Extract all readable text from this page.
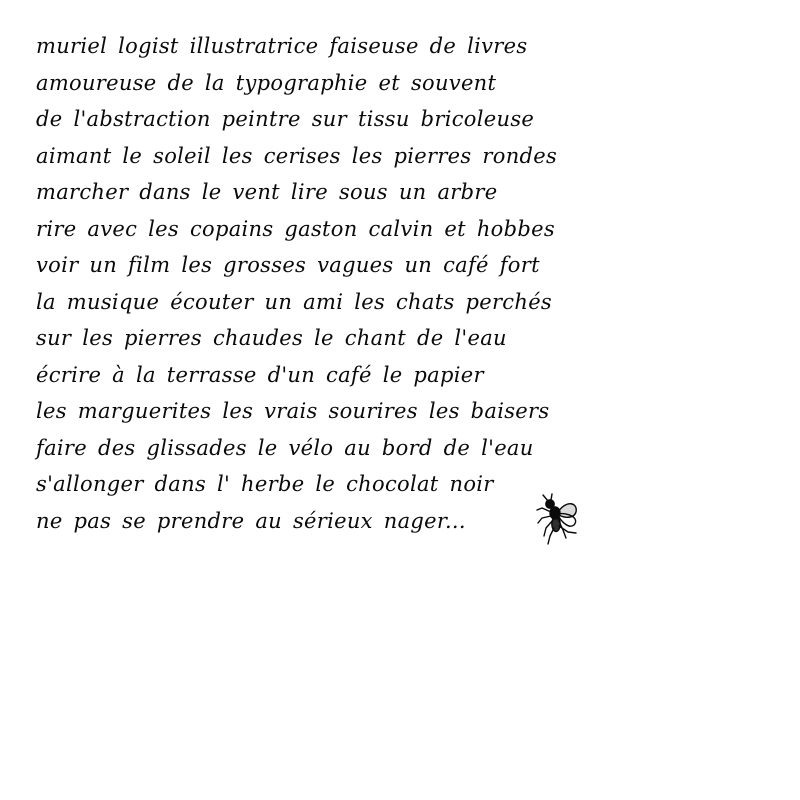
muriel logist illustratrice faiseuse de livres
amoureuse de la typographie et souvent
de l'abstraction peintre sur tissu bricoleuse
aimant le soleil les cerises les pierres rondes
marcher dans le vent lire sous un arbre
rire avec les copains gaston calvin et hobbes
voir un film les grosses vagues un café fort
la musique écouter un ami les chats perchés
sur les pierres chaudes le chant de l'eau
écrire à la terrasse d'un café le papier
les marguerites les vrais sourires les baisers
faire des glissades le vélo au bord de l'eau
s'allonger dans l' herbe le chocolat noir
ne pas se prendre au sérieux nager...
